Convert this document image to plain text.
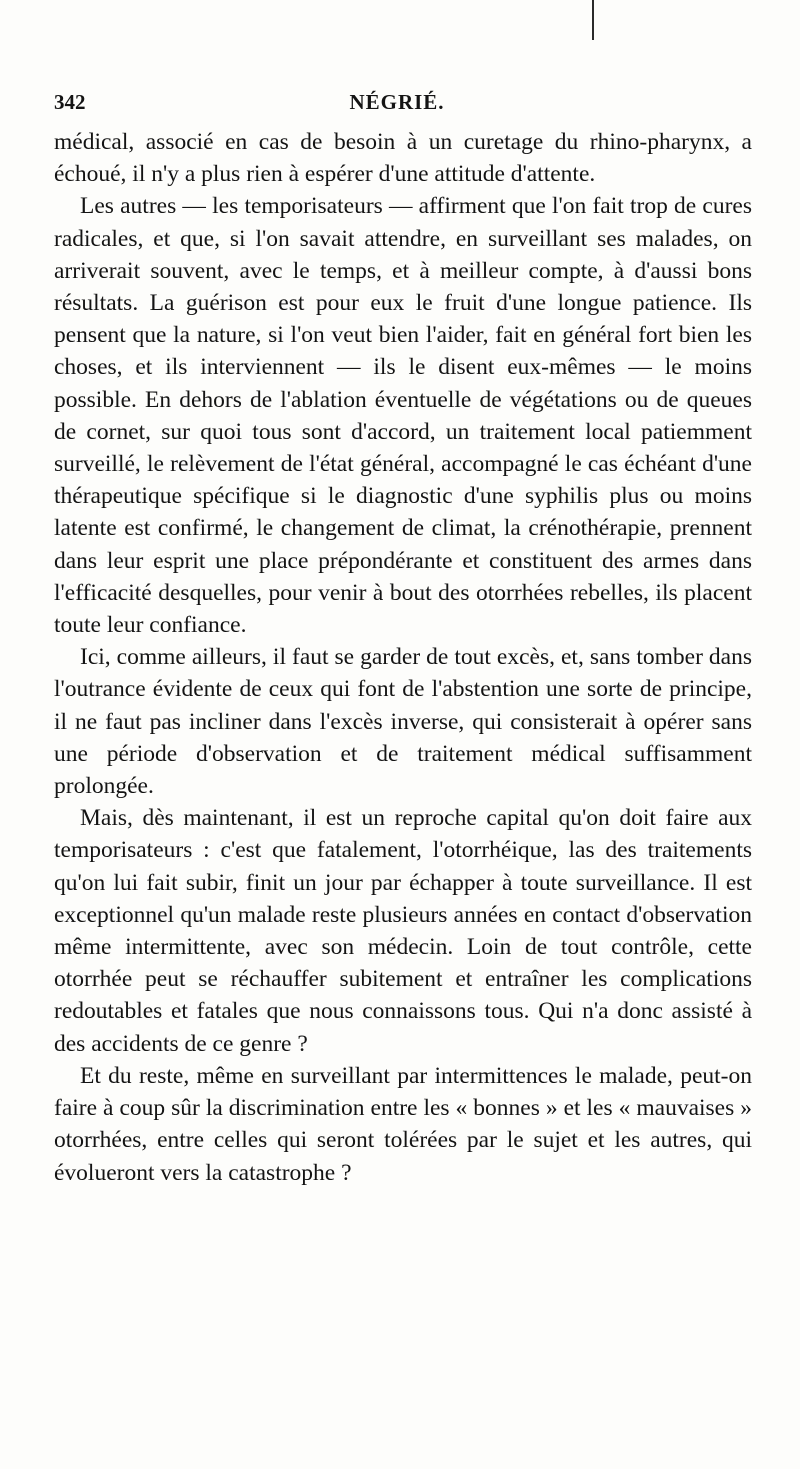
342	NÉGRIÉ.

médical, associé en cas de besoin à un curetage du rhino-pharynx, a échoué, il n'y a plus rien à espérer d'une attitude d'attente.

Les autres — les temporisateurs — affirment que l'on fait trop de cures radicales, et que, si l'on savait attendre, en surveillant ses malades, on arriverait souvent, avec le temps, et à meilleur compte, à d'aussi bons résultats. La guérison est pour eux le fruit d'une longue patience. Ils pensent que la nature, si l'on veut bien l'aider, fait en général fort bien les choses, et ils interviennent — ils le disent eux-mêmes — le moins possible. En dehors de l'ablation éventuelle de végétations ou de queues de cornet, sur quoi tous sont d'accord, un traitement local patiemment surveillé, le relèvement de l'état général, accompagné le cas échéant d'une thérapeutique spécifique si le diagnostic d'une syphilis plus ou moins latente est confirmé, le changement de climat, la crénothérapie, prennent dans leur esprit une place prépondérante et constituent des armes dans l'efficacité desquelles, pour venir à bout des otorrhées rebelles, ils placent toute leur confiance.

Ici, comme ailleurs, il faut se garder de tout excès, et, sans tomber dans l'outrance évidente de ceux qui font de l'abstention une sorte de principe, il ne faut pas incliner dans l'excès inverse, qui consisterait à opérer sans une période d'observation et de traitement médical suffisamment prolongée.

Mais, dès maintenant, il est un reproche capital qu'on doit faire aux temporisateurs : c'est que fatalement, l'otorrhéique, las des traitements qu'on lui fait subir, finit un jour par échapper à toute surveillance. Il est exceptionnel qu'un malade reste plusieurs années en contact d'observation même intermittente, avec son médecin. Loin de tout contrôle, cette otorrhée peut se réchauffer subitement et entraîner les complications redoutables et fatales que nous connaissons tous. Qui n'a donc assisté à des accidents de ce genre ?

Et du reste, même en surveillant par intermittences le malade, peut-on faire à coup sûr la discrimination entre les « bonnes » et les « mauvaises » otorrhées, entre celles qui seront tolérées par le sujet et les autres, qui évolueront vers la catastrophe ?
